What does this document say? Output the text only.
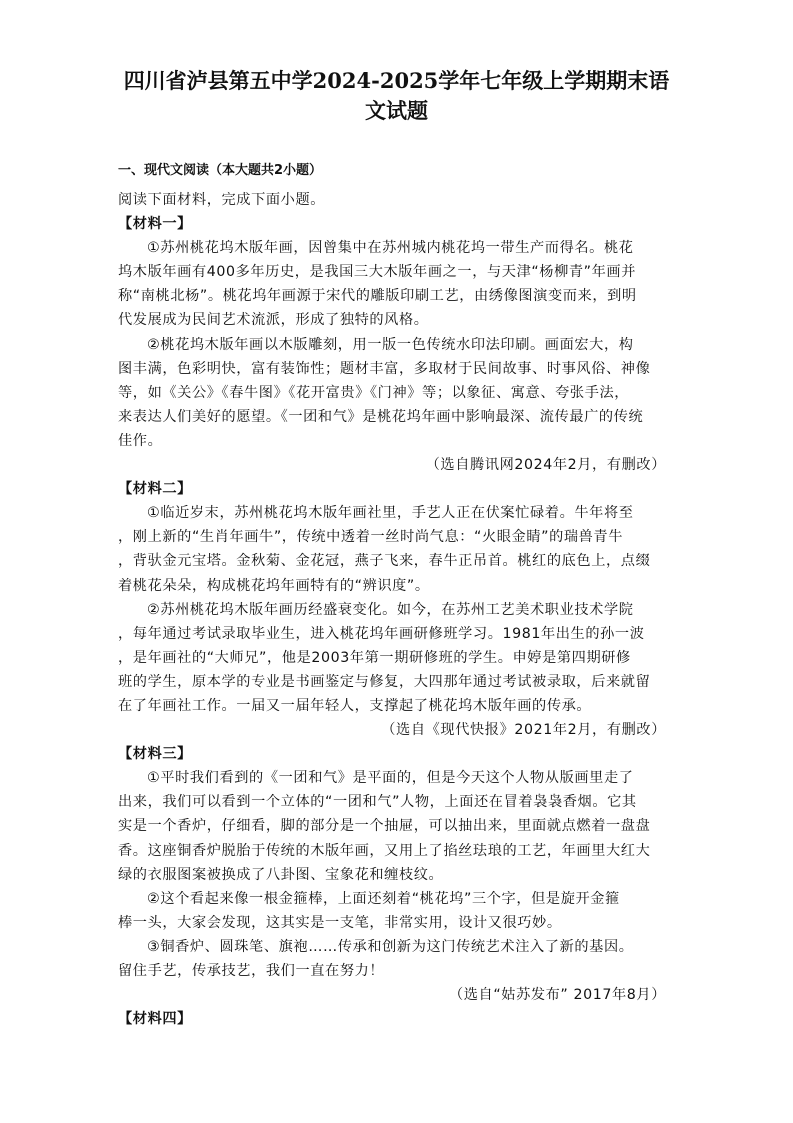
四川省泸县第五中学2024-2025学年七年级上学期期末语
文试题
一、现代文阅读（本大题共2小题）
阅读下面材料，完成下面小题。
【材料一】
①苏州桃花坞木版年画，因曾集中在苏州城内桃花坞一带生产而得名。桃花
坞木版年画有400多年历史，是我国三大木版年画之一，与天津“杨柳青”年画并
称“南桃北杨”。桃花坞年画源于宋代的雕版印刷工艺，由绣像图演变而来，到明
代发展成为民间艺术流派，形成了独特的风格。
②桃花坞木版年画以木版雕刻，用一版一色传统水印法印刷。画面宏大，构
图丰满，色彩明快，富有装饰性；题材丰富，多取材于民间故事、时事风俗、神像
等，如《关公》《春牛图》《花开富贵》《门神》等；以象征、寓意、夸张手法，
来表达人们美好的愿望。《一团和气》是桃花坞年画中影响最深、流传最广的传统
佳作。
（选自腾讯网2024年2月，有删改）
【材料二】
①临近岁末，苏州桃花坞木版年画社里，手艺人正在伏案忙碌着。牛年将至
，刚上新的“生肖年画牛”，传统中透着一丝时尚气息：“火眼金睛”的瑞兽青牛
，背驮金元宝塔。金秋菊、金花冠，燕子飞来，春牛正吊首。桃红的底色上，点缀
着桃花朵朵，构成桃花坞年画特有的“辨识度”。
②苏州桃花坞木版年画历经盛衰变化。如今，在苏州工艺美术职业技术学院
，每年通过考试录取毕业生，进入桃花坞年画研修班学习。1981年出生的孙一波
，是年画社的“大师兄”，他是2003年第一期研修班的学生。申婷是第四期研修
班的学生，原本学的专业是书画鉴定与修复，大四那年通过考试被录取，后来就留
在了年画社工作。一届又一届年轻人，支撑起了桃花坞木版年画的传承。
（选自《现代快报》2021年2月，有删改）
【材料三】
①平时我们看到的《一团和气》是平面的，但是今天这个人物从版画里走了
出来，我们可以看到一个立体的“一团和气”人物，上面还在冒着袅袅香烟。它其
实是一个香炉，仔细看，脚的部分是一个抽屉，可以抽出来，里面就点燃着一盘盘
香。这座铜香炉脱胎于传统的木版年画，又用上了掐丝珐琅的工艺，年画里大红大
绿的衣服图案被换成了八卦图、宝象花和缠枝纹。
②这个看起来像一根金箍棒，上面还刻着“桃花坞”三个字，但是旋开金箍
棒一头，大家会发现，这其实是一支笔，非常实用，设计又很巧妙。
③铜香炉、圆珠笔、旗袍……传承和创新为这门传统艺术注入了新的基因。
留住手艺，传承技艺，我们一直在努力！
（选自“姑苏发布” 2017年8月）
【材料四】
